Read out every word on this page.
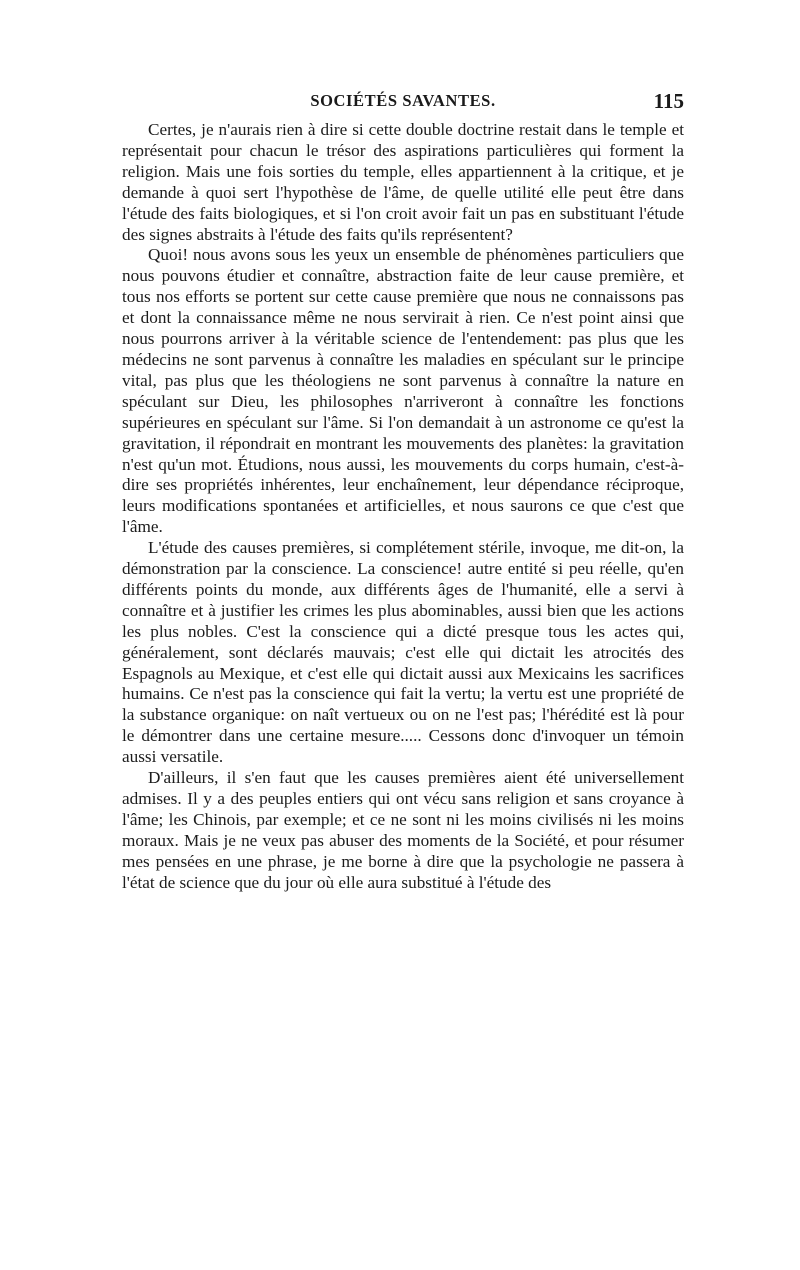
SOCIÉTÉS SAVANTES.	115

Certes, je n'aurais rien à dire si cette double doctrine restait dans le temple et représentait pour chacun le trésor des aspirations particulières qui forment la religion. Mais une fois sorties du temple, elles appartiennent à la critique, et je demande à quoi sert l'hypothèse de l'âme, de quelle utilité elle peut être dans l'étude des faits biologiques, et si l'on croit avoir fait un pas en substituant l'étude des signes abstraits à l'étude des faits qu'ils représentent?

Quoi! nous avons sous les yeux un ensemble de phénomènes particuliers que nous pouvons étudier et connaître, abstraction faite de leur cause première, et tous nos efforts se portent sur cette cause première que nous ne connaissons pas et dont la connaissance même ne nous servirait à rien. Ce n'est point ainsi que nous pourrons arriver à la véritable science de l'entendement: pas plus que les médecins ne sont parvenus à connaître les maladies en spéculant sur le principe vital, pas plus que les théologiens ne sont parvenus à connaître la nature en spéculant sur Dieu, les philosophes n'arriveront à connaître les fonctions supérieures en spéculant sur l'âme. Si l'on demandait à un astronome ce qu'est la gravitation, il répondrait en montrant les mouvements des planètes: la gravitation n'est qu'un mot. Étudions, nous aussi, les mouvements du corps humain, c'est-à-dire ses propriétés inhérentes, leur enchaînement, leur dépendance réciproque, leurs modifications spontanées et artificielles, et nous saurons ce que c'est que l'âme.

L'étude des causes premières, si complétement stérile, invoque, me dit-on, la démonstration par la conscience. La conscience! autre entité si peu réelle, qu'en différents points du monde, aux différents âges de l'humanité, elle a servi à connaître et à justifier les crimes les plus abominables, aussi bien que les actions les plus nobles. C'est la conscience qui a dicté presque tous les actes qui, généralement, sont déclarés mauvais; c'est elle qui dictait les atrocités des Espagnols au Mexique, et c'est elle qui dictait aussi aux Mexicains les sacrifices humains. Ce n'est pas la conscience qui fait la vertu; la vertu est une propriété de la substance organique: on naît vertueux ou on ne l'est pas; l'hérédité est là pour le démontrer dans une certaine mesure..... Cessons donc d'invoquer un témoin aussi versatile.

D'ailleurs, il s'en faut que les causes premières aient été universellement admises. Il y a des peuples entiers qui ont vécu sans religion et sans croyance à l'âme; les Chinois, par exemple; et ce ne sont ni les moins civilisés ni les moins moraux. Mais je ne veux pas abuser des moments de la Société, et pour résumer mes pensées en une phrase, je me borne à dire que la psychologie ne passera à l'état de science que du jour où elle aura substitué à l'étude des
